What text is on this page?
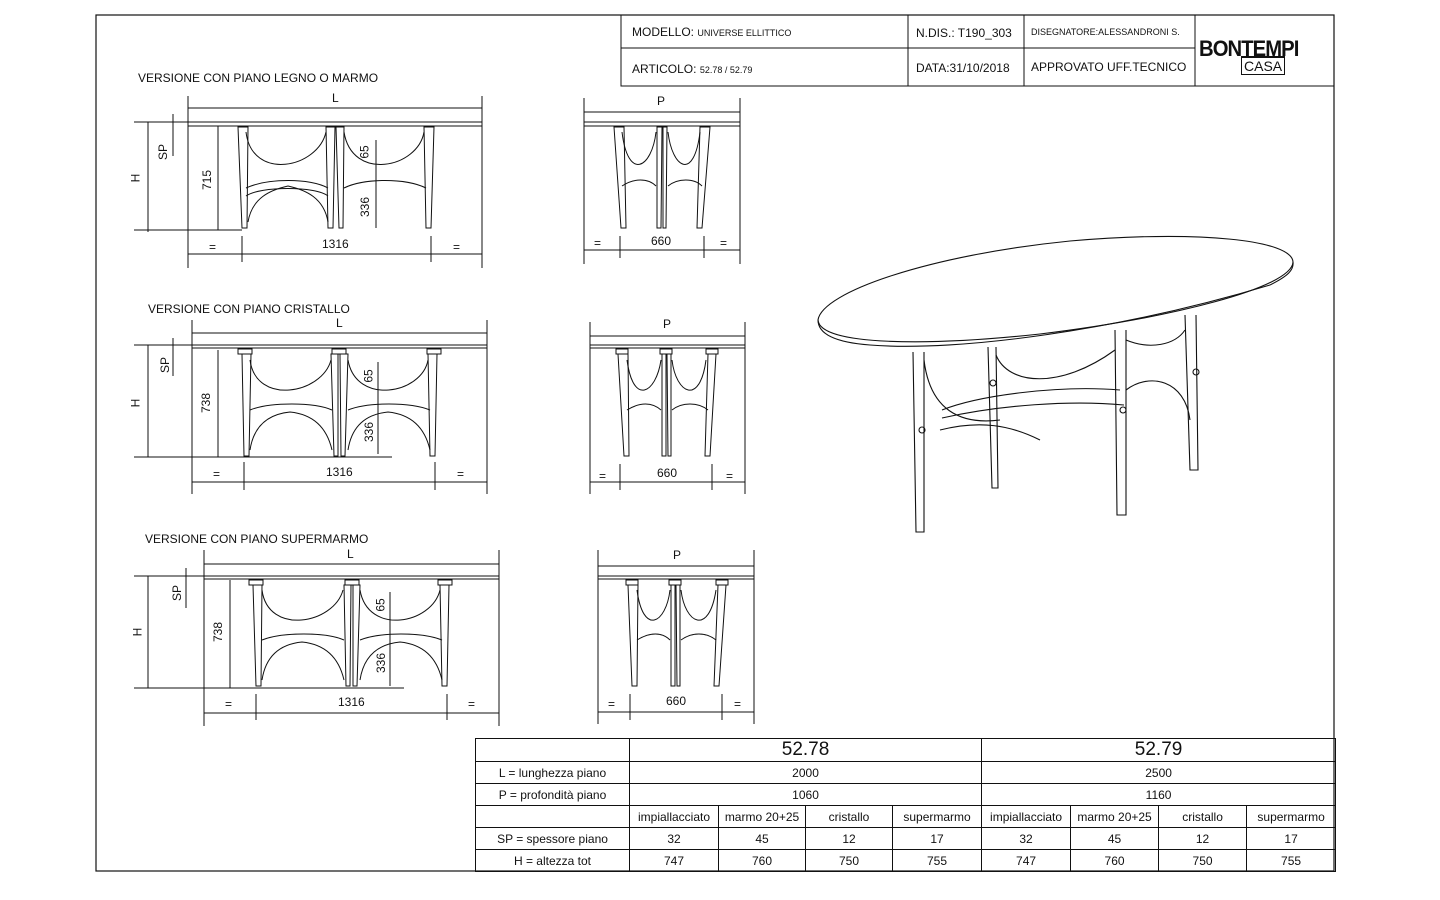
MODELLO: UNIVERSE ELLITTICO	N.DIS.: T190_303 DISEGNATORE:ALESSANDRONI S.
ARTICOLO: 52.78 / 52.79	DATA:31/10/2018 APPROVATO UFF.TECNICO
BONTEMPI
CASA
VERSIONE CON PIANO LEGNO O MARMO
VERSIONE CON PIANO CRISTALLO
VERSIONE CON PIANO SUPERMARMO
L	P
SP
H	715
65
336
1316
=	=	660
=	=
L	P
SP
H	738
65
336
1316
=	=	660
=	=
L	P
SP
H	738
65
336
1316
=	=	660
=	=
	52.78				52.79			
L = lunghezza piano	2000				2500			
P = profondità piano	1060				1160			
	impiallacciato	marmo 20+25	cristallo	supermarmo	impiallacciato	marmo 20+25	cristallo	supermarmo
SP = spessore piano	32	45	12	17	32	45	12	17
H = altezza tot	747	760	750	755	747	760	750	755
